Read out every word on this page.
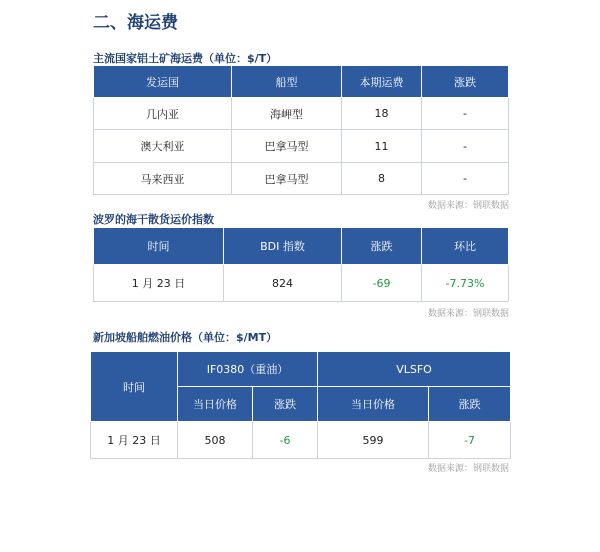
二、海运费
主流国家铝土矿海运费（单位：$/T）
发运国	船型	本期运费	涨跌
几内亚	海岬型	18	-
澳大利亚	巴拿马型	11	-
马来西亚	巴拿马型	8	-
数据来源：钢联数据
波罗的海干散货运价指数
时间	BDI 指数	涨跌	环比
1 月 23 日	824	-69	-7.73%
数据来源：钢联数据
新加坡船舶燃油价格（单位：$/MT）
时间	IF0380（重油）		VLSFO	
	当日价格	涨跌	当日价格	涨跌
1 月 23 日	508	-6	599	-7
数据来源：钢联数据
